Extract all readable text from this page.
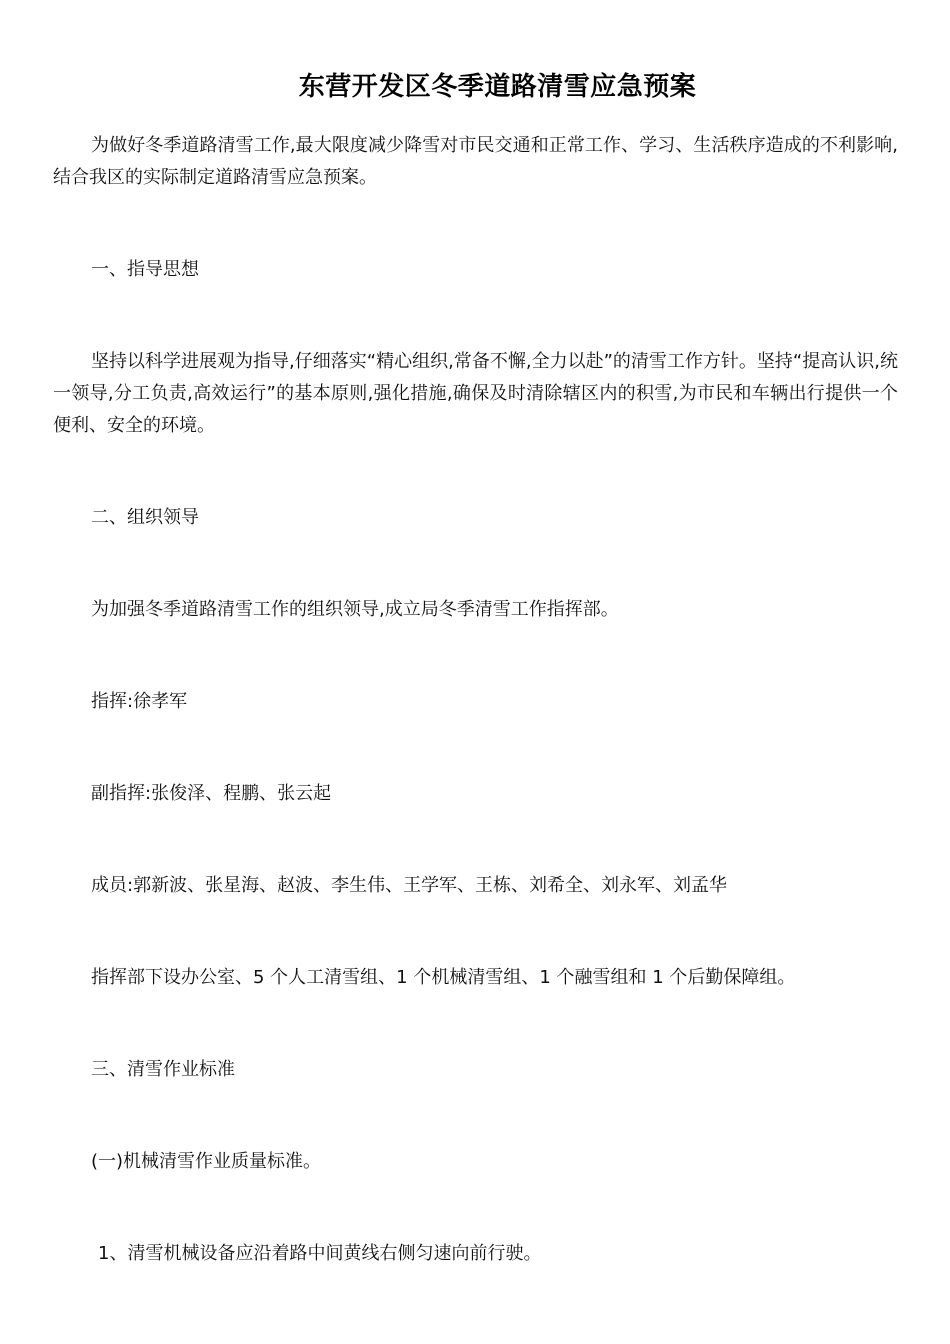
东营开发区冬季道路清雪应急预案

为做好冬季道路清雪工作,最大限度减少降雪对市民交通和正常工作、学习、生活秩序造成的不利影响,结合我区的实际制定道路清雪应急预案。

一、指导思想

坚持以科学进展观为指导,仔细落实“精心组织,常备不懈,全力以赴”的清雪工作方针。坚持“提高认识,统一领导,分工负责,高效运行”的基本原则,强化措施,确保及时清除辖区内的积雪,为市民和车辆出行提供一个便利、安全的环境。

二、组织领导

为加强冬季道路清雪工作的组织领导,成立局冬季清雪工作指挥部。

指挥:徐孝军

副指挥:张俊泽、程鹏、张云起

成员:郭新波、张星海、赵波、李生伟、王学军、王栋、刘希全、刘永军、刘孟华

指挥部下设办公室、5 个人工清雪组、1 个机械清雪组、1 个融雪组和 1 个后勤保障组。

三、清雪作业标准

(一)机械清雪作业质量标准。

1、清雪机械设备应沿着路中间黄线右侧匀速向前行驶。
